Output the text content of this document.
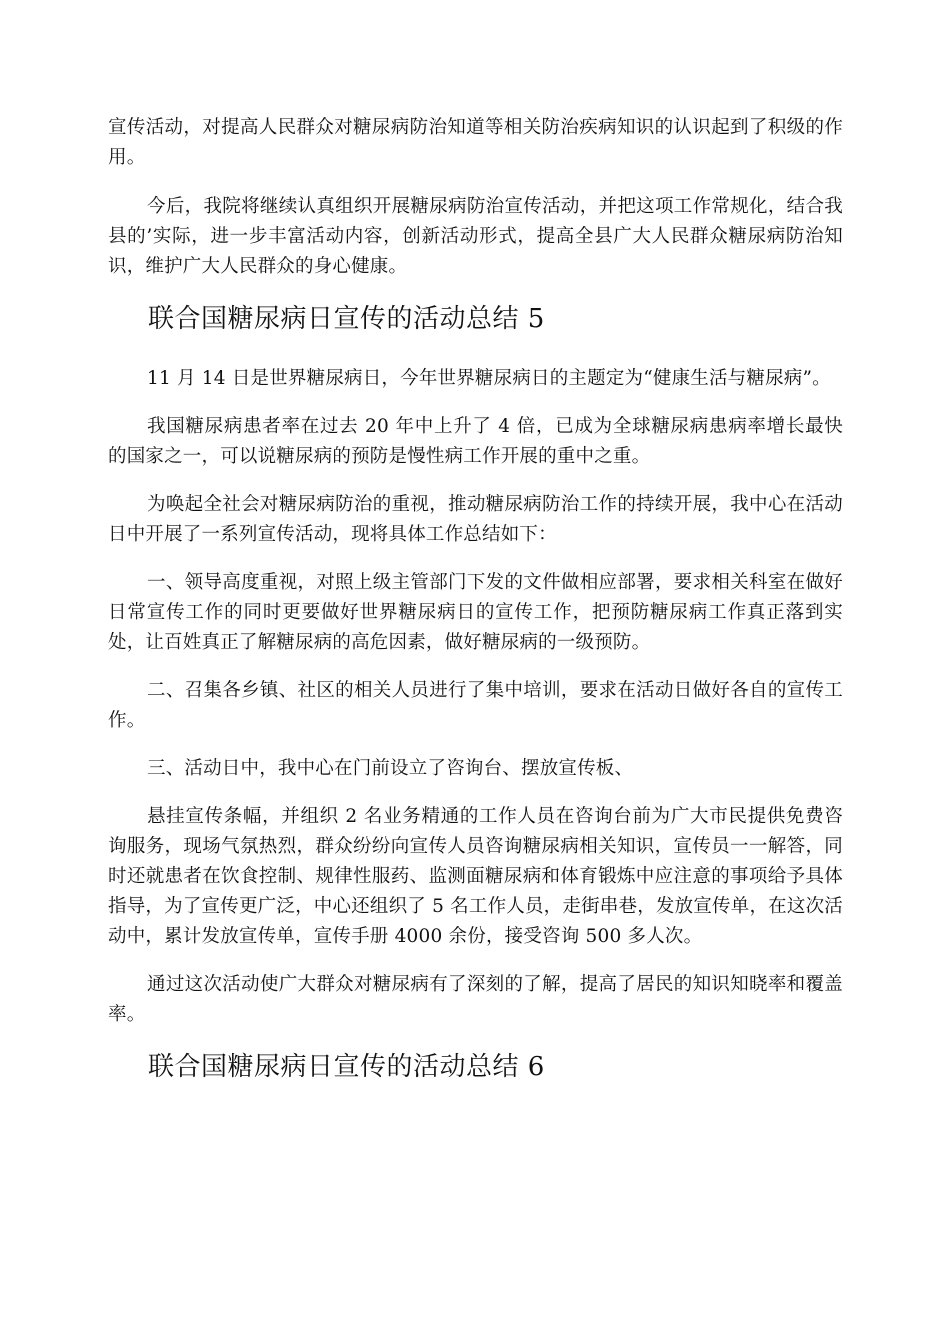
宣传活动，对提高人民群众对糖尿病防治知道等相关防治疾病知识的认识起到了积级的作用。

今后，我院将继续认真组织开展糖尿病防治宣传活动，并把这项工作常规化，结合我县的’实际，进一步丰富活动内容，创新活动形式，提高全县广大人民群众糖尿病防治知识，维护广大人民群众的身心健康。

联合国糖尿病日宣传的活动总结 5

11 月 14 日是世界糖尿病日，今年世界糖尿病日的主题定为“健康生活与糖尿病”。

我国糖尿病患者率在过去 20 年中上升了 4 倍，已成为全球糖尿病患病率增长最快的国家之一，可以说糖尿病的预防是慢性病工作开展的重中之重。

为唤起全社会对糖尿病防治的重视，推动糖尿病防治工作的持续开展，我中心在活动日中开展了一系列宣传活动，现将具体工作总结如下：

一、领导高度重视，对照上级主管部门下发的文件做相应部署，要求相关科室在做好日常宣传工作的同时更要做好世界糖尿病日的宣传工作，把预防糖尿病工作真正落到实处，让百姓真正了解糖尿病的高危因素，做好糖尿病的一级预防。

二、召集各乡镇、社区的相关人员进行了集中培训，要求在活动日做好各自的宣传工作。

三、活动日中，我中心在门前设立了咨询台、摆放宣传板、

悬挂宣传条幅，并组织 2 名业务精通的工作人员在咨询台前为广大市民提供免费咨询服务，现场气氛热烈，群众纷纷向宣传人员咨询糖尿病相关知识，宣传员一一解答，同时还就患者在饮食控制、规律性服药、监测面糖尿病和体育锻炼中应注意的事项给予具体指导，为了宣传更广泛，中心还组织了 5 名工作人员，走街串巷，发放宣传单，在这次活动中，累计发放宣传单，宣传手册 4000 余份，接受咨询 500 多人次。

通过这次活动使广大群众对糖尿病有了深刻的了解，提高了居民的知识知晓率和覆盖率。

联合国糖尿病日宣传的活动总结 6
